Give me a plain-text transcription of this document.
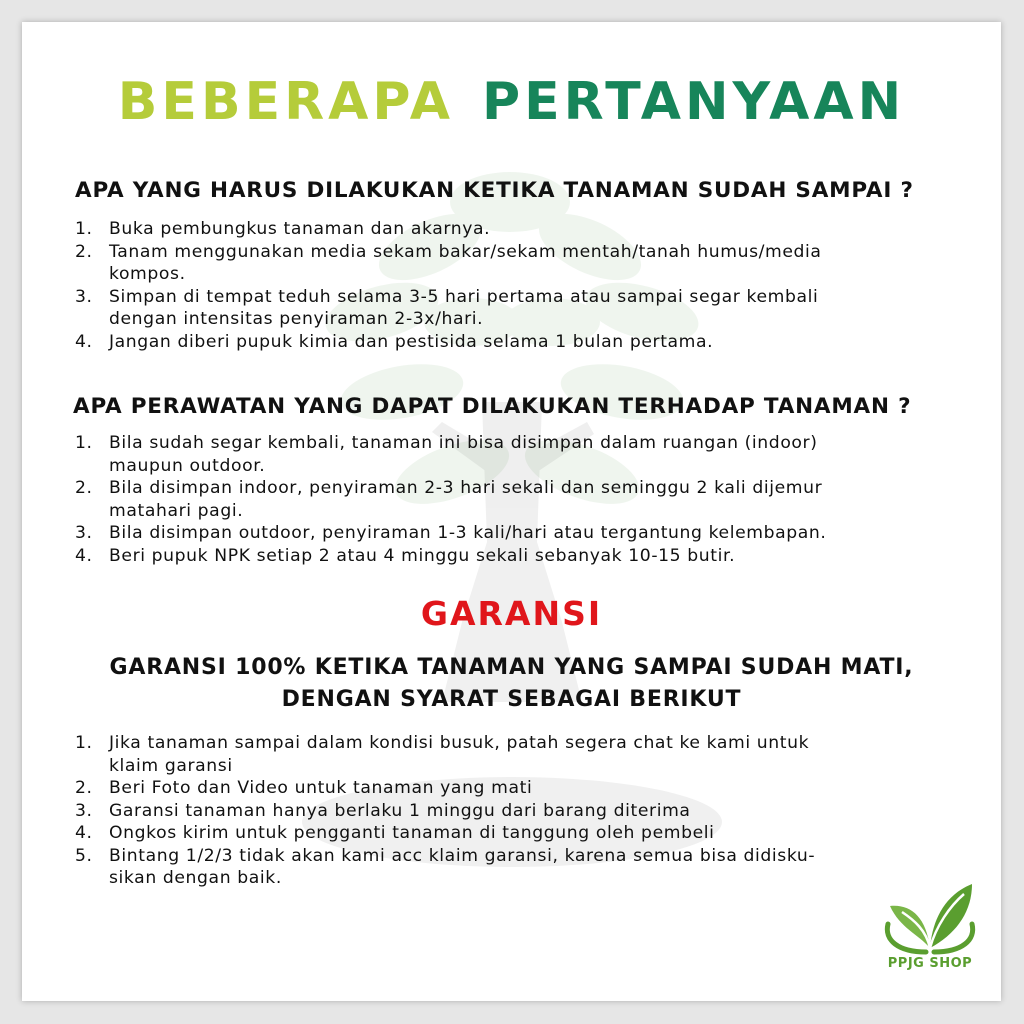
BEBERAPA PERTANYAAN
APA YANG HARUS DILAKUKAN KETIKA TANAMAN SUDAH SAMPAI ?
1. Buka pembungkus tanaman dan akarnya.
2. Tanam menggunakan media sekam bakar/sekam mentah/tanah humus/media
kompos.
3. Simpan di tempat teduh selama 3-5 hari pertama atau sampai segar kembali
dengan intensitas penyiraman 2-3x/hari.
4. Jangan diberi pupuk kimia dan pestisida selama 1 bulan pertama.
APA PERAWATAN YANG DAPAT DILAKUKAN TERHADAP TANAMAN ?
1. Bila sudah segar kembali, tanaman ini bisa disimpan dalam ruangan (indoor)
maupun outdoor.
2. Bila disimpan indoor, penyiraman 2-3 hari sekali dan seminggu 2 kali dijemur
matahari pagi.
3. Bila disimpan outdoor, penyiraman 1-3 kali/hari atau tergantung kelembapan.
4. Beri pupuk NPK setiap 2 atau 4 minggu sekali sebanyak 10-15 butir.
GARANSI
GARANSI 100% KETIKA TANAMAN YANG SAMPAI SUDAH MATI,
DENGAN SYARAT SEBAGAI BERIKUT
1. Jika tanaman sampai dalam kondisi busuk, patah segera chat ke kami untuk
klaim garansi
2. Beri Foto dan Video untuk tanaman yang mati
3. Garansi tanaman hanya berlaku 1 minggu dari barang diterima
4. Ongkos kirim untuk pengganti tanaman di tanggung oleh pembeli
5. Bintang 1/2/3 tidak akan kami acc klaim garansi, karena semua bisa didisku-
sikan dengan baik.
PPJG SHOP
